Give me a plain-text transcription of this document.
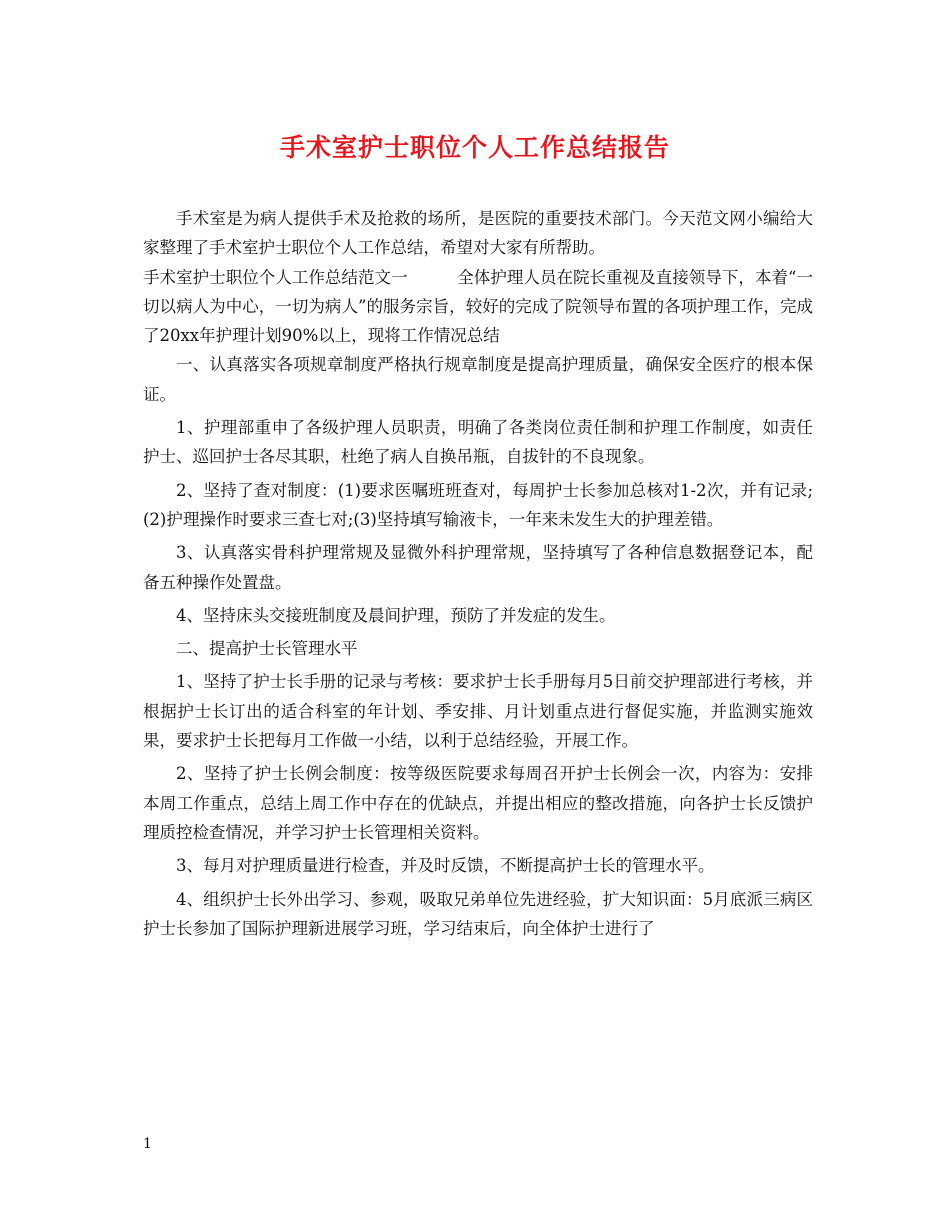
手术室护士职位个人工作总结报告

手术室是为病人提供手术及抢救的场所，是医院的重要技术部门。今天范文网小编给大家整理了手术室护士职位个人工作总结，希望对大家有所帮助。

手术室护士职位个人工作总结范文一　　　全体护理人员在院长重视及直接领导下，本着“一切以病人为中心，一切为病人”的服务宗旨，较好的完成了院领导布置的各项护理工作，完成了20xx年护理计划90%以上，现将工作情况总结

一、认真落实各项规章制度严格执行规章制度是提高护理质量，确保安全医疗的根本保证。

1、护理部重申了各级护理人员职责，明确了各类岗位责任制和护理工作制度，如责任护士、巡回护士各尽其职，杜绝了病人自换吊瓶，自拔针的不良现象。

2、坚持了查对制度：(1)要求医嘱班班查对，每周护士长参加总核对1-2次，并有记录;(2)护理操作时要求三查七对;(3)坚持填写输液卡，一年来未发生大的护理差错。

3、认真落实骨科护理常规及显微外科护理常规，坚持填写了各种信息数据登记本，配备五种操作处置盘。

4、坚持床头交接班制度及晨间护理，预防了并发症的发生。

二、提高护士长管理水平

1、坚持了护士长手册的记录与考核：要求护士长手册每月5日前交护理部进行考核，并根据护士长订出的适合科室的年计划、季安排、月计划重点进行督促实施，并监测实施效果，要求护士长把每月工作做一小结，以利于总结经验，开展工作。

2、坚持了护士长例会制度：按等级医院要求每周召开护士长例会一次，内容为：安排本周工作重点，总结上周工作中存在的优缺点，并提出相应的整改措施，向各护士长反馈护理质控检查情况，并学习护士长管理相关资料。

3、每月对护理质量进行检查，并及时反馈，不断提高护士长的管理水平。

4、组织护士长外出学习、参观，吸取兄弟单位先进经验，扩大知识面：5月底派三病区护士长参加了国际护理新进展学习班，学习结束后，向全体护士进行了

1
